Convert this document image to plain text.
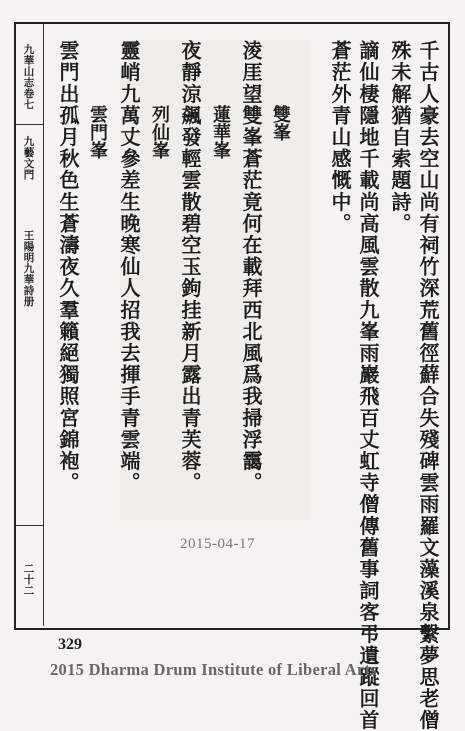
九華山志卷七

九藝文門

王陽明九華詩册

二十二	千古人豪去空山尚有祠竹深荒舊徑蘚合失殘碑雲雨羅文藻溪泉繫夢思老僧

殊未解猶自索題詩。

謫仙棲隱地千載尚高風雲散九峯雨巖飛百丈虹寺僧傳舊事詞客弔遺蹤回首

蒼茫外青山感慨中。

雙峯

淩厓望雙峯蒼茫竟何在載拜西北風爲我掃浮靄。

蓮華峯

夜靜涼飆發輕雲散碧空玉鉤挂新月露出青芙蓉。

列仙峯

靈峭九萬丈參差生晚寒仙人招我去揮手青雲端。

雲門峯

雲門出孤月秋色生蒼濤夜久羣籟絕獨照宮錦袍。

2015-04-17
329
2015 Dharma Drum Institute of Liberal Arts
